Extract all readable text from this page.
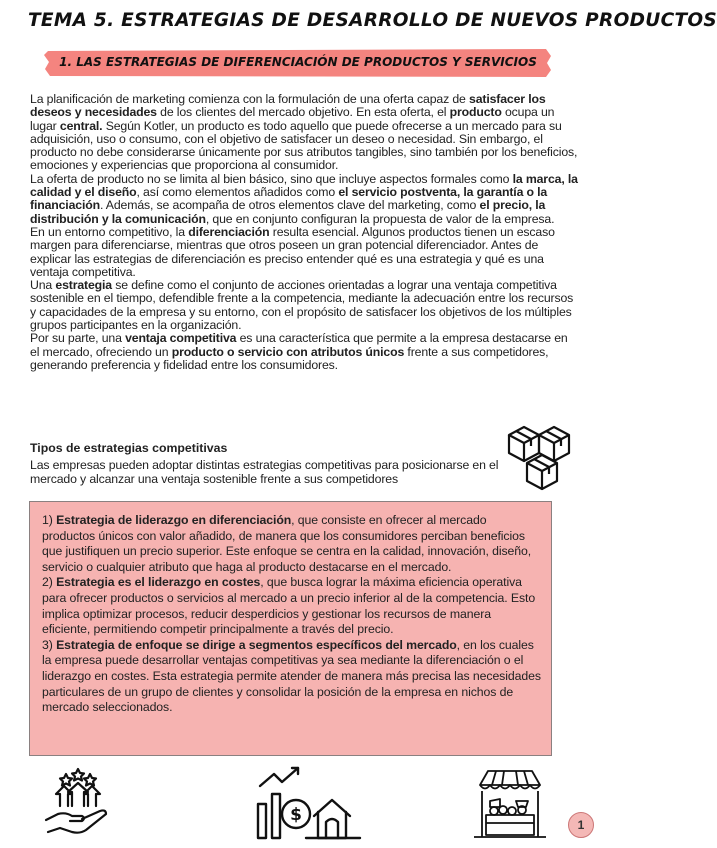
TEMA 5. ESTRATEGIAS DE DESARROLLO DE NUEVOS PRODUCTOS
1. LAS ESTRATEGIAS DE DIFERENCIACIÓN DE PRODUCTOS Y SERVICIOS

La planificación de marketing comienza con la formulación de una oferta capaz de satisfacer los deseos y necesidades de los clientes del mercado objetivo. En esta oferta, el producto ocupa un lugar central. Según Kotler, un producto es todo aquello que puede ofrecerse a un mercado para su adquisición, uso o consumo, con el objetivo de satisfacer un deseo o necesidad. Sin embargo, el producto no debe considerarse únicamente por sus atributos tangibles, sino también por los beneficios, emociones y experiencias que proporciona al consumidor.

La oferta de producto no se limita al bien básico, sino que incluye aspectos formales como la marca, la calidad y el diseño, así como elementos añadidos como el servicio postventa, la garantía o la financiación. Además, se acompaña de otros elementos clave del marketing, como el precio, la distribución y la comunicación, que en conjunto configuran la propuesta de valor de la empresa.

En un entorno competitivo, la diferenciación resulta esencial. Algunos productos tienen un escaso margen para diferenciarse, mientras que otros poseen un gran potencial diferenciador. Antes de explicar las estrategias de diferenciación es preciso entender qué es una estrategia y qué es una ventaja competitiva.

Una estrategia se define como el conjunto de acciones orientadas a lograr una ventaja competitiva sostenible en el tiempo, defendible frente a la competencia, mediante la adecuación entre los recursos y capacidades de la empresa y su entorno, con el propósito de satisfacer los objetivos de los múltiples grupos participantes en la organización.

Por su parte, una ventaja competitiva es una característica que permite a la empresa destacarse en el mercado, ofreciendo un producto o servicio con atributos únicos frente a sus competidores, generando preferencia y fidelidad entre los consumidores.

Tipos de estrategias competitivas
Las empresas pueden adoptar distintas estrategias competitivas para posicionarse en el mercado y alcanzar una ventaja sostenible frente a sus competidores

1) Estrategia de liderazgo en diferenciación, que consiste en ofrecer al mercado productos únicos con valor añadido, de manera que los consumidores perciban beneficios que justifiquen un precio superior. Este enfoque se centra en la calidad, innovación, diseño, servicio o cualquier atributo que haga al producto destacarse en el mercado.

2) Estrategia es el liderazgo en costes, que busca lograr la máxima eficiencia operativa para ofrecer productos o servicios al mercado a un precio inferior al de la competencia. Esto implica optimizar procesos, reducir desperdicios y gestionar los recursos de manera eficiente, permitiendo competir principalmente a través del precio.

3) Estrategia de enfoque se dirige a segmentos específicos del mercado, en los cuales la empresa puede desarrollar ventajas competitivas ya sea mediante la diferenciación o el liderazgo en costes. Esta estrategia permite atender de manera más precisa las necesidades particulares de un grupo de clientes y consolidar la posición de la empresa en nichos de mercado seleccionados.

$	1
